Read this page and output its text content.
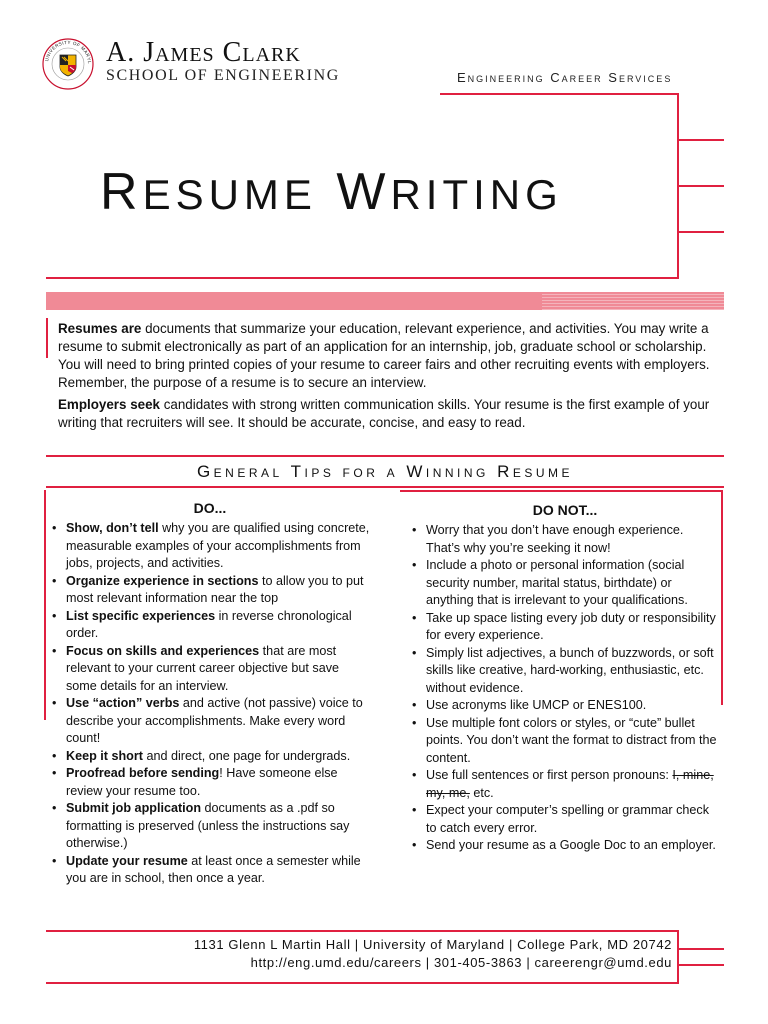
UNIVERSITY OF MARYL A. James Clark
SCHOOL OF ENGINEERING	Engineering Career Services
RESUME WRITING

Resumes are documents that summarize your education, relevant experience, and activities. You may write a resume to submit electronically as part of an application for an internship, job, graduate school or scholarship. You will need to bring printed copies of your resume to career fairs and other recruiting events with employers. Remember, the purpose of a resume is to secure an interview.

Employers seek candidates with strong written communication skills. Your resume is the first example of your writing that recruiters will see. It should be accurate, concise, and easy to read.

General Tips for a Winning Resume
DO...
• Show, don’t tell why you are qualified using concrete, measurable examples of your accomplishments from jobs, projects, and activities.
• Organize experience in sections to allow you to put most relevant information near the top
• List specific experiences in reverse chronological order.
• Focus on skills and experiences that are most relevant to your current career objective but save some details for an interview.
• Use “action” verbs and active (not passive) voice to describe your accomplishments. Make every word count!
• Keep it short and direct, one page for undergrads.
• Proofread before sending! Have someone else review your resume too.
• Submit job application documents as a .pdf so formatting is preserved (unless the instructions say otherwise.)
• Update your resume at least once a semester while you are in school, then once a year.
DO NOT...
• Worry that you don’t have enough experience. That’s why you’re seeking it now!
• Include a photo or personal information (social security number, marital status, birthdate) or anything that is irrelevant to your qualifications.
• Take up space listing every job duty or responsibility for every experience.
• Simply list adjectives, a bunch of buzzwords, or soft skills like creative, hard-working, enthusiastic, etc. without evidence.
• Use acronyms like UMCP or ENES100.
• Use multiple font colors or styles, or “cute” bullet points. You don’t want the format to distract from the content.
• Use full sentences or first person pronouns: I, mine, my, me, etc.
• Expect your computer’s spelling or grammar check to catch every error.
• Send your resume as a Google Doc to an employer.
1131 Glenn L Martin Hall | University of Maryland | College Park, MD 20742
http://eng.umd.edu/careers | 301-405-3863 | careerengr@umd.edu
